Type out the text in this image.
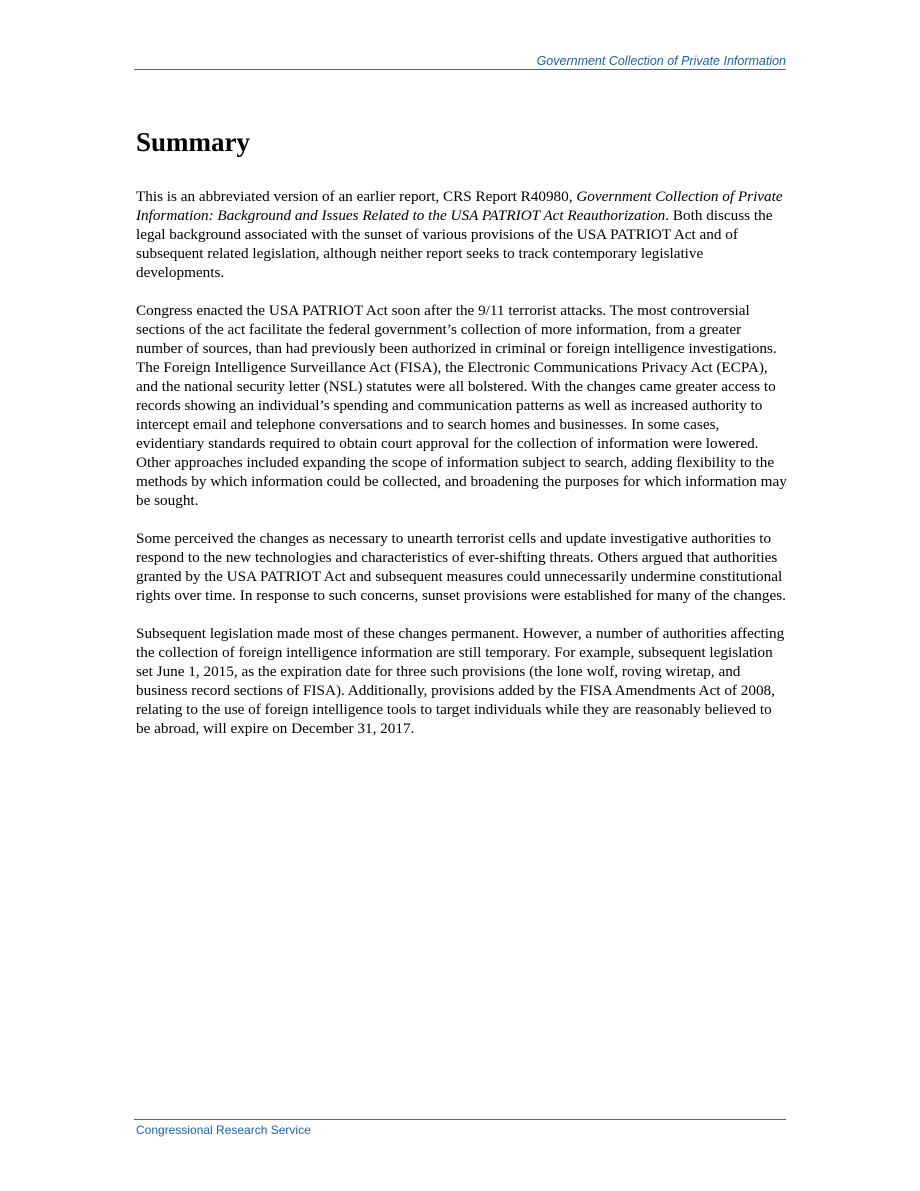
Government Collection of Private Information
Summary

This is an abbreviated version of an earlier report, CRS Report R40980, Government Collection of Private Information: Background and Issues Related to the USA PATRIOT Act Reauthorization. Both discuss the legal background associated with the sunset of various provisions of the USA PATRIOT Act and of subsequent related legislation, although neither report seeks to track contemporary legislative developments.

Congress enacted the USA PATRIOT Act soon after the 9/11 terrorist attacks. The most controversial sections of the act facilitate the federal government’s collection of more information, from a greater number of sources, than had previously been authorized in criminal or foreign intelligence investigations. The Foreign Intelligence Surveillance Act (FISA), the Electronic Communications Privacy Act (ECPA), and the national security letter (NSL) statutes were all bolstered. With the changes came greater access to records showing an individual’s spending and communication patterns as well as increased authority to intercept email and telephone conversations and to search homes and businesses. In some cases, evidentiary standards required to obtain court approval for the collection of information were lowered. Other approaches included expanding the scope of information subject to search, adding flexibility to the methods by which information could be collected, and broadening the purposes for which information may be sought.

Some perceived the changes as necessary to unearth terrorist cells and update investigative authorities to respond to the new technologies and characteristics of ever-shifting threats. Others argued that authorities granted by the USA PATRIOT Act and subsequent measures could unnecessarily undermine constitutional rights over time. In response to such concerns, sunset provisions were established for many of the changes.

Subsequent legislation made most of these changes permanent. However, a number of authorities affecting the collection of foreign intelligence information are still temporary. For example, subsequent legislation set June 1, 2015, as the expiration date for three such provisions (the lone wolf, roving wiretap, and business record sections of FISA). Additionally, provisions added by the FISA Amendments Act of 2008, relating to the use of foreign intelligence tools to target individuals while they are reasonably believed to be abroad, will expire on December 31, 2017.

Congressional Research Service
